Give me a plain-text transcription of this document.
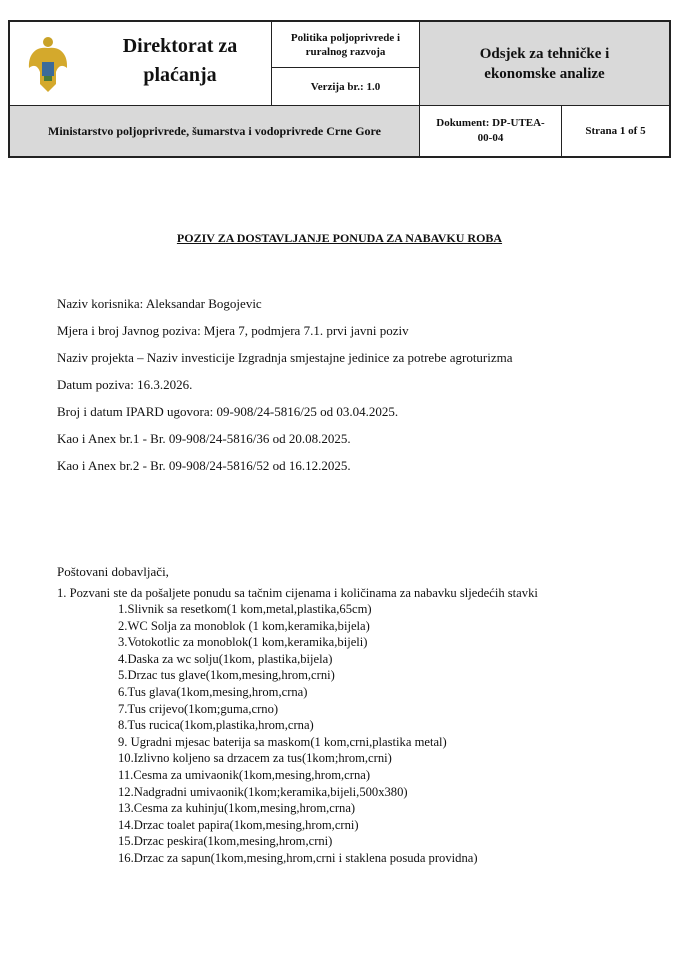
Direktorat za plaćanja
Politika poljoprivrede i ruralnog razvoja
Verzija br.: 1.0
Odsjek za tehničke i ekonomske analize
Ministarstvo poljoprivrede, šumarstva i vodoprivrede Crne Gore
Dokument: DP-UTEA-00-04
Strana 1 of 5
POZIV ZA DOSTAVLJANJE PONUDA ZA NABAVKU ROBA
Naziv korisnika: Aleksandar Bogojevic
Mjera i broj Javnog poziva: Mjera 7, podmjera 7.1. prvi javni poziv
Naziv projekta – Naziv investicije Izgradnja smjestajne jedinice za potrebe agroturizma
Datum poziva: 16.3.2026.
Broj i datum IPARD ugovora: 09-908/24-5816/25 od 03.04.2025.
Kao i Anex br.1 - Br. 09-908/24-5816/36 od 20.08.2025.
Kao i Anex br.2 - Br. 09-908/24-5816/52 od 16.12.2025.
Poštovani dobavljači,
1. Pozvani ste da pošaljete ponudu sa tačnim cijenama i količinama za nabavku sljedećih stavki
1.Slivnik sa resetkom(1 kom,metal,plastika,65cm)
2.WC Solja za monoblok (1 kom,keramika,bijela)
3.Votokotlic za monoblok(1 kom,keramika,bijeli)
4.Daska za wc solju(1kom, plastika,bijela)
5.Drzac tus glave(1kom,mesing,hrom,crni)
6.Tus glava(1kom,mesing,hrom,crna)
7.Tus crijevo(1kom;guma,crno)
8.Tus rucica(1kom,plastika,hrom,crna)
9. Ugradni mjesac baterija sa maskom(1 kom,crni,plastika metal)
10.Izlivno koljeno sa drzacem za tus(1kom;hrom,crni)
11.Cesma za umivaonik(1kom,mesing,hrom,crna)
12.Nadgradni umivaonik(1kom;keramika,bijeli,500x380)
13.Cesma za kuhinju(1kom,mesing,hrom,crna)
14.Drzac toalet papira(1kom,mesing,hrom,crni)
15.Drzac peskira(1kom,mesing,hrom,crni)
16.Drzac za sapun(1kom,mesing,hrom,crni i staklena posuda providna)
